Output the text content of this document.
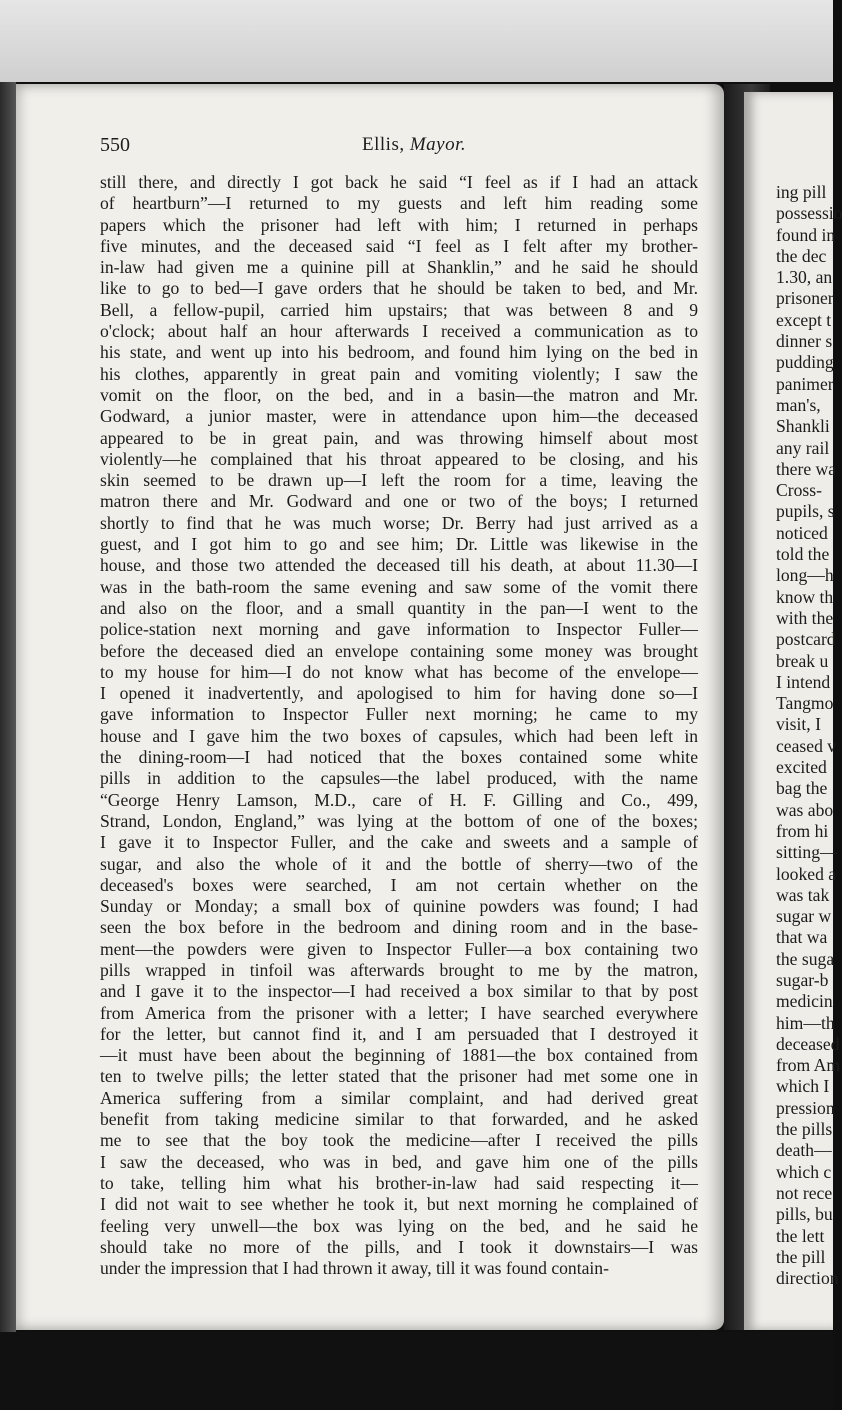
550	Ellis, Mayor.
still there, and directly I got back he said “I feel as if I had an attack
of heartburn”—I returned to my guests and left him reading some
papers which the prisoner had left with him; I returned in perhaps
five minutes, and the deceased said “I feel as I felt after my brother-
in-law had given me a quinine pill at Shanklin,” and he said he should
like to go to bed—I gave orders that he should be taken to bed, and Mr.
Bell, a fellow-pupil, carried him upstairs; that was between 8 and 9
o'clock; about half an hour afterwards I received a communication as to
his state, and went up into his bedroom, and found him lying on the bed in
his clothes, apparently in great pain and vomiting violently; I saw the
vomit on the floor, on the bed, and in a basin—the matron and Mr.
Godward, a junior master, were in attendance upon him—the deceased
appeared to be in great pain, and was throwing himself about most
violently—he complained that his throat appeared to be closing, and his
skin seemed to be drawn up—I left the room for a time, leaving the
matron there and Mr. Godward and one or two of the boys; I returned
shortly to find that he was much worse; Dr. Berry had just arrived as a
guest, and I got him to go and see him; Dr. Little was likewise in the
house, and those two attended the deceased till his death, at about 11.30—I
was in the bath-room the same evening and saw some of the vomit there
and also on the floor, and a small quantity in the pan—I went to the
police-station next morning and gave information to Inspector Fuller—
before the deceased died an envelope containing some money was brought
to my house for him—I do not know what has become of the envelope—
I opened it inadvertently, and apologised to him for having done so—I
gave information to Inspector Fuller next morning; he came to my
house and I gave him the two boxes of capsules, which had been left in
the dining-room—I had noticed that the boxes contained some white
pills in addition to the capsules—the label produced, with the name
“George Henry Lamson, M.D., care of H. F. Gilling and Co., 499,
Strand, London, England,” was lying at the bottom of one of the boxes;
I gave it to Inspector Fuller, and the cake and sweets and a sample of
sugar, and also the whole of it and the bottle of sherry—two of the
deceased's boxes were searched, I am not certain whether on the
Sunday or Monday; a small box of quinine powders was found; I had
seen the box before in the bedroom and dining room and in the base-
ment—the powders were given to Inspector Fuller—a box containing two
pills wrapped in tinfoil was afterwards brought to me by the matron,
and I gave it to the inspector—I had received a box similar to that by post
from America from the prisoner with a letter; I have searched everywhere
for the letter, but cannot find it, and I am persuaded that I destroyed it
—it must have been about the beginning of 1881—the box contained from
ten to twelve pills; the letter stated that the prisoner had met some one in
America suffering from a similar complaint, and had derived great
benefit from taking medicine similar to that forwarded, and he asked
me to see that the boy took the medicine—after I received the pills
I saw the deceased, who was in bed, and gave him one of the pills
to take, telling him what his brother-in-law had said respecting it—
I did not wait to see whether he took it, but next morning he complained of
feeling very unwell—the box was lying on the bed, and he said he
should take no more of the pills, and I took it downstairs—I was
under the impression that I had thrown it away, till it was found contain-
ing pill
possessio
found in
the dec
1.30, an
prisoner
except t
dinner s
pudding
panimer
man's,
Shankli
any rail
there wa
Cross-
pupils, s
noticed
told the
long—h
know th
with the
postcard
break u
I intend
Tangmo
visit, I
ceased v
excited
bag the
was abo
from hi
sitting—
looked a
was tak
sugar w
that wa
the suga
sugar-b
medicin
him—th
deceased
from Am
which I
pression
the pills
death—
which c
not rece
pills, bu
the lett
the pill
direction
